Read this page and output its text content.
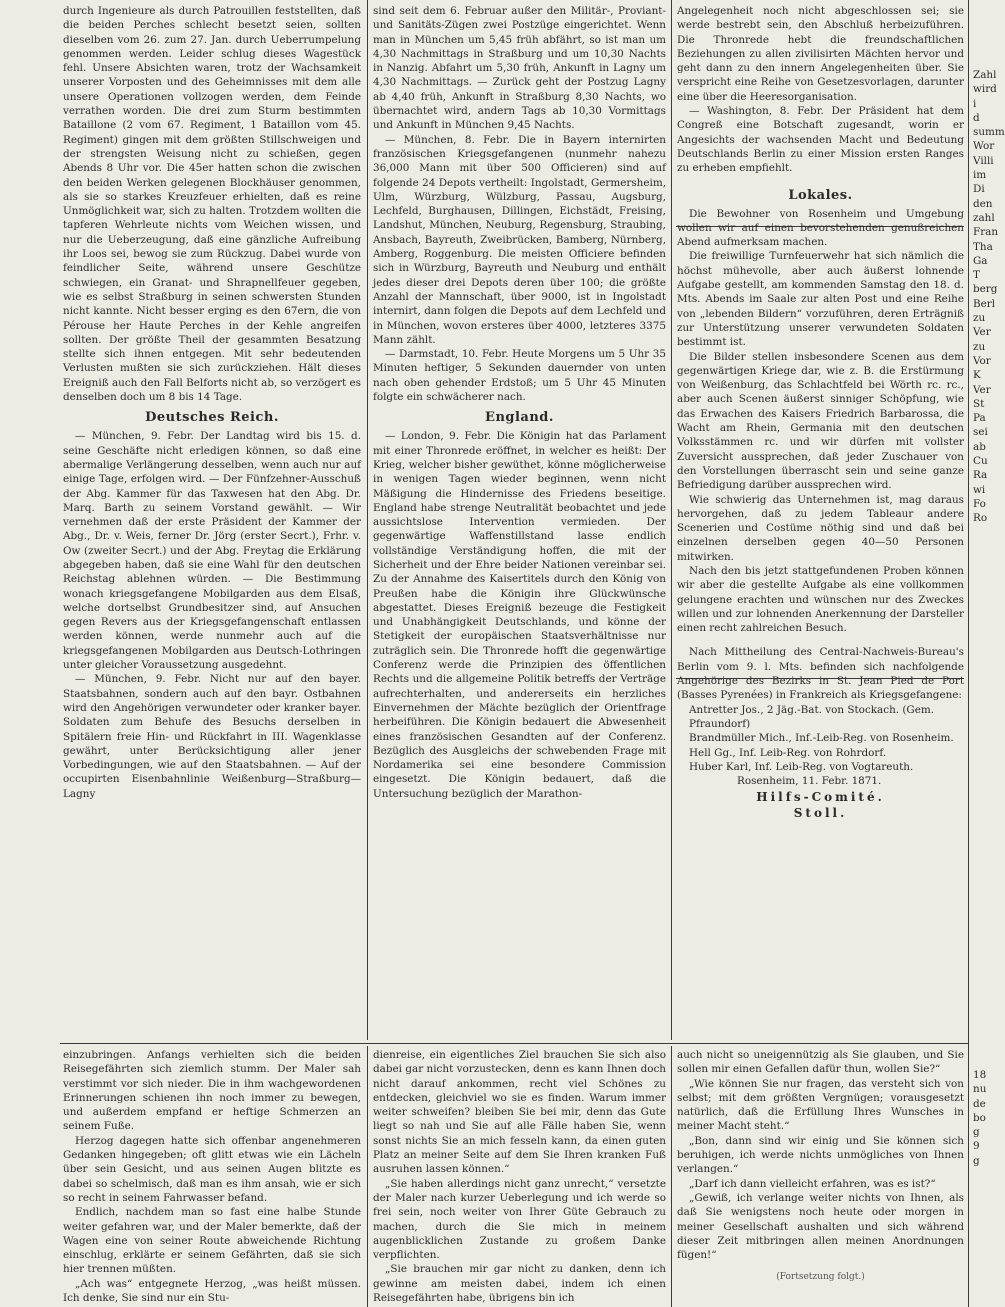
durch Ingenieure als durch Patrouillen feststellten, daß die beiden Perches schlecht besetzt seien, sollten dieselben vom 26. zum 27. Jan. durch Ueberrumpelung genommen werden. Leider schlug dieses Wagestück fehl. Unsere Absichten waren, trotz der Wachsamkeit unserer Vorposten und des Geheimnisses mit dem alle unsere Operationen vollzogen werden, dem Feinde verrathen worden. Die drei zum Sturm bestimmten Bataillone (2 vom 67. Regiment, 1 Bataillon vom 45. Regiment) gingen mit dem größten Stillschweigen und der strengsten Weisung nicht zu schießen, gegen Abends 8 Uhr vor. Die 45er hatten schon die zwischen den beiden Werken gelegenen Blockhäuser genommen, als sie so starkes Kreuzfeuer erhielten, daß es reine Unmöglichkeit war, sich zu halten. Trotzdem wollten die tapferen Wehrleute nichts vom Weichen wissen, und nur die Ueberzeugung, daß eine gänzliche Aufreibung ihr Loos sei, bewog sie zum Rückzug. Dabei wurde von feindlicher Seite, während unsere Geschütze schwiegen, ein Granat- und Shrapnellfeuer gegeben, wie es selbst Straßburg in seinen schwersten Stunden nicht kannte. Nicht besser erging es den 67ern, die von Pérouse her Haute Perches in der Kehle angreifen sollten. Der größte Theil der gesammten Besatzung stellte sich ihnen entgegen. Mit sehr bedeutenden Verlusten mußten sie sich zurückziehen. Hält dieses Ereigniß auch den Fall Belforts nicht ab, so verzögert es denselben doch um 8 bis 14 Tage.

Deutsches Reich.

— München, 9. Febr. Der Landtag wird bis 15. d. seine Geschäfte nicht erledigen können, so daß eine abermalige Verlängerung desselben, wenn auch nur auf einige Tage, erfolgen wird. — Der Fünfzehner-Ausschuß der Abg. Kammer für das Taxwesen hat den Abg. Dr. Marq. Barth zu seinem Vorstand gewählt. — Wir vernehmen daß der erste Präsident der Kammer der Abg., Dr. v. Weis, ferner Dr. Jörg (erster Secrt.), Frhr. v. Ow (zweiter Secrt.) und der Abg. Freytag die Erklärung abgegeben haben, daß sie eine Wahl für den deutschen Reichstag ablehnen würden. — Die Bestimmung wonach kriegsgefangene Mobilgarden aus dem Elsaß, welche dortselbst Grundbesitzer sind, auf Ansuchen gegen Revers aus der Kriegsgefangenschaft entlassen werden können, werde nunmehr auch auf die kriegsgefangenen Mobilgarden aus Deutsch-Lothringen unter gleicher Voraussetzung ausgedehnt.

— München, 9. Febr. Nicht nur auf den bayer. Staatsbahnen, sondern auch auf den bayr. Ostbahnen wird den Angehörigen verwundeter oder kranker bayer. Soldaten zum Behufe des Besuchs derselben in Spitälern freie Hin- und Rückfahrt in III. Wagenklasse gewährt, unter Berücksichtigung aller jener Vorbedingungen, wie auf den Staatsbahnen. — Auf der occupirten Eisenbahnlinie Weißenburg—Straßburg—Lagny

sind seit dem 6. Februar außer den Militär-, Proviant- und Sanitäts-Zügen zwei Postzüge eingerichtet. Wenn man in München um 5,45 früh abfährt, so ist man um 4,30 Nachmittags in Straßburg und um 10,30 Nachts in Nanzig. Abfahrt um 5,30 früh, Ankunft in Lagny um 4,30 Nachmittags. — Zurück geht der Postzug Lagny ab 4,40 früh, Ankunft in Straßburg 8,30 Nachts, wo übernachtet wird, andern Tags ab 10,30 Vormittags und Ankunft in München 9,45 Nachts.

— München, 8. Febr. Die in Bayern internirten französischen Kriegsgefangenen (nunmehr nahezu 36,000 Mann mit über 500 Officieren) sind auf folgende 24 Depots vertheilt: Ingolstadt, Germersheim, Ulm, Würzburg, Wülzburg, Passau, Augsburg, Lechfeld, Burghausen, Dillingen, Eichstädt, Freising, Landshut, München, Neuburg, Regensburg, Straubing, Ansbach, Bayreuth, Zweibrücken, Bamberg, Nürnberg, Amberg, Roggenburg. Die meisten Officiere befinden sich in Würzburg, Bayreuth und Neuburg und enthält jedes dieser drei Depots deren über 100; die größte Anzahl der Mannschaft, über 9000, ist in Ingolstadt internirt, dann folgen die Depots auf dem Lechfeld und in München, wovon ersteres über 4000, letzteres 3375 Mann zählt.

— Darmstadt, 10. Febr. Heute Morgens um 5 Uhr 35 Minuten heftiger, 5 Sekunden dauernder von unten nach oben gehender Erdstoß; um 5 Uhr 45 Minuten folgte ein schwächerer nach.

England.

— London, 9. Febr. Die Königin hat das Parlament mit einer Thronrede eröffnet, in welcher es heißt: Der Krieg, welcher bisher gewüthet, könne möglicherweise in wenigen Tagen wieder beginnen, wenn nicht Mäßigung die Hindernisse des Friedens beseitige. England habe strenge Neutralität beobachtet und jede aussichtslose Intervention vermieden. Der gegenwärtige Waffenstillstand lasse endlich vollständige Verständigung hoffen, die mit der Sicherheit und der Ehre beider Nationen vereinbar sei. Zu der Annahme des Kaisertitels durch den König von Preußen habe die Königin ihre Glückwünsche abgestattet. Dieses Ereigniß bezeuge die Festigkeit und Unabhängigkeit Deutschlands, und könne der Stetigkeit der europäischen Staatsverhältnisse nur zuträglich sein. Die Thronrede hofft die gegenwärtige Conferenz werde die Prinzipien des öffentlichen Rechts und die allgemeine Politik betreffs der Verträge aufrechterhalten, und andererseits ein herzliches Einvernehmen der Mächte bezüglich der Orientfrage herbeiführen. Die Königin bedauert die Abwesenheit eines französischen Gesandten auf der Conferenz. Bezüglich des Ausgleichs der schwebenden Frage mit Nordamerika sei eine besondere Commission eingesetzt. Die Königin bedauert, daß die Untersuchung bezüglich der Marathon-

Angelegenheit noch nicht abgeschlossen sei; sie werde bestrebt sein, den Abschluß herbeizuführen. Die Thronrede hebt die freundschaftlichen Beziehungen zu allen zivilisirten Mächten hervor und geht dann zu den innern Angelegenheiten über. Sie verspricht eine Reihe von Gesetzesvorlagen, darunter eine über die Heeresorganisation.

— Washington, 8. Febr. Der Präsident hat dem Congreß eine Botschaft zugesandt, worin er Angesichts der wachsenden Macht und Bedeutung Deutschlands Berlin zu einer Mission ersten Ranges zu erheben empfiehlt.

Lokales.

Die Bewohner von Rosenheim und Umgebung wollen wir auf einen bevorstehenden genußreichen Abend aufmerksam machen.

Die freiwillige Turnfeuerwehr hat sich nämlich die höchst mühevolle, aber auch äußerst lohnende Aufgabe gestellt, am kommenden Samstag den 18. d. Mts. Abends im Saale zur alten Post und eine Reihe von „lebenden Bildern“ vorzuführen, deren Erträgniß zur Unterstützung unserer verwundeten Soldaten bestimmt ist.

Die Bilder stellen insbesondere Scenen aus dem gegenwärtigen Kriege dar, wie z. B. die Erstürmung von Weißenburg, das Schlachtfeld bei Wörth rc. rc., aber auch Scenen äußerst sinniger Schöpfung, wie das Erwachen des Kaisers Friedrich Barbarossa, die Wacht am Rhein, Germania mit den deutschen Volksstämmen rc. und wir dürfen mit vollster Zuversicht aussprechen, daß jeder Zuschauer von den Vorstellungen überrascht sein und seine ganze Befriedigung darüber aussprechen wird.

Wie schwierig das Unternehmen ist, mag daraus hervorgehen, daß zu jedem Tableaur andere Scenerien und Costüme nöthig sind und daß bei einzelnen derselben gegen 40—50 Personen mitwirken.

Nach den bis jetzt stattgefundenen Proben können wir aber die gestellte Aufgabe als eine vollkommen gelungene erachten und wünschen nur des Zweckes willen und zur lohnenden Anerkennung der Darsteller einen recht zahlreichen Besuch.

Nach Mittheilung des Central-Nachweis-Bureau's Berlin vom 9. l. Mts. befinden sich nachfolgende Angehörige des Bezirks in St. Jean Pied de Port (Basses Pyrenées) in Frankreich als Kriegsgefangene:

Antretter Jos., 2 Jäg.-Bat. von Stockach. (Gem. Pfraundorf)

Brandmüller Mich., Inf.-Leib-Reg. von Rosenheim.

Hell Gg., Inf. Leib-Reg. von Rohrdorf.

Huber Karl, Inf. Leib-Reg. von Vogtareuth.

Rosenheim, 11. Febr. 1871.

Hilfs-Comité.
Stoll.

einzubringen. Anfangs verhielten sich die beiden Reisegefährten sich ziemlich stumm. Der Maler sah verstimmt vor sich nieder. Die in ihm wachgewordenen Erinnerungen schienen ihn noch immer zu bewegen, und außerdem empfand er heftige Schmerzen an seinem Fuße.

Herzog dagegen hatte sich offenbar angenehmeren Gedanken hingegeben; oft glitt etwas wie ein Lächeln über sein Gesicht, und aus seinen Augen blitzte es dabei so schelmisch, daß man es ihm ansah, wie er sich so recht in seinem Fahrwasser befand.

Endlich, nachdem man so fast eine halbe Stunde weiter gefahren war, und der Maler bemerkte, daß der Wagen eine von seiner Route abweichende Richtung einschlug, erklärte er seinem Gefährten, daß sie sich hier trennen müßten.

„Ach was“ entgegnete Herzog, „was heißt müssen. Ich denke, Sie sind nur ein Stu-

dienreise, ein eigentliches Ziel brauchen Sie sich also dabei gar nicht vorzustecken, denn es kann Ihnen doch nicht darauf ankommen, recht viel Schönes zu entdecken, gleichviel wo sie es finden. Warum immer weiter schweifen? bleiben Sie bei mir, denn das Gute liegt so nah und Sie auf alle Fälle haben Sie, wenn sonst nichts Sie an mich fesseln kann, da einen guten Platz an meiner Seite auf dem Sie Ihren kranken Fuß ausruhen lassen können.“

„Sie haben allerdings nicht ganz unrecht,“ versetzte der Maler nach kurzer Ueberlegung und ich werde so frei sein, noch weiter von Ihrer Güte Gebrauch zu machen, durch die Sie mich in meinem augenblicklichen Zustande zu großem Danke verpflichten.

„Sie brauchen mir gar nicht zu danken, denn ich gewinne am meisten dabei, indem ich einen Reisegefährten habe, übrigens bin ich

auch nicht so uneigennützig als Sie glauben, und Sie sollen mir einen Gefallen dafür thun, wollen Sie?“

„Wie können Sie nur fragen, das versteht sich von selbst; mit dem größten Vergnügen; vorausgesetzt natürlich, daß die Erfüllung Ihres Wunsches in meiner Macht steht.“

„Bon, dann sind wir einig und Sie können sich beruhigen, ich werde nichts unmögliches von Ihnen verlangen.“

„Darf ich dann vielleicht erfahren, was es ist?“

„Gewiß, ich verlange weiter nichts von Ihnen, als daß Sie wenigstens noch heute oder morgen in meiner Gesellschaft aushalten und sich während dieser Zeit mitbringen allen meinen Anordnungen fügen!“

(Fortsetzung folgt.)

Zahl

wird

i

d

summ

Wor

Villi

im

Di

den

zahl

Fran

Tha

Ga

T

berg

Berl

zu

Ver

zu

Vor

K

Ver

St

Pa

sei

ab

Cu

Ra

wi

Fo

Ro

18

nu

de

bo

g

9

g
